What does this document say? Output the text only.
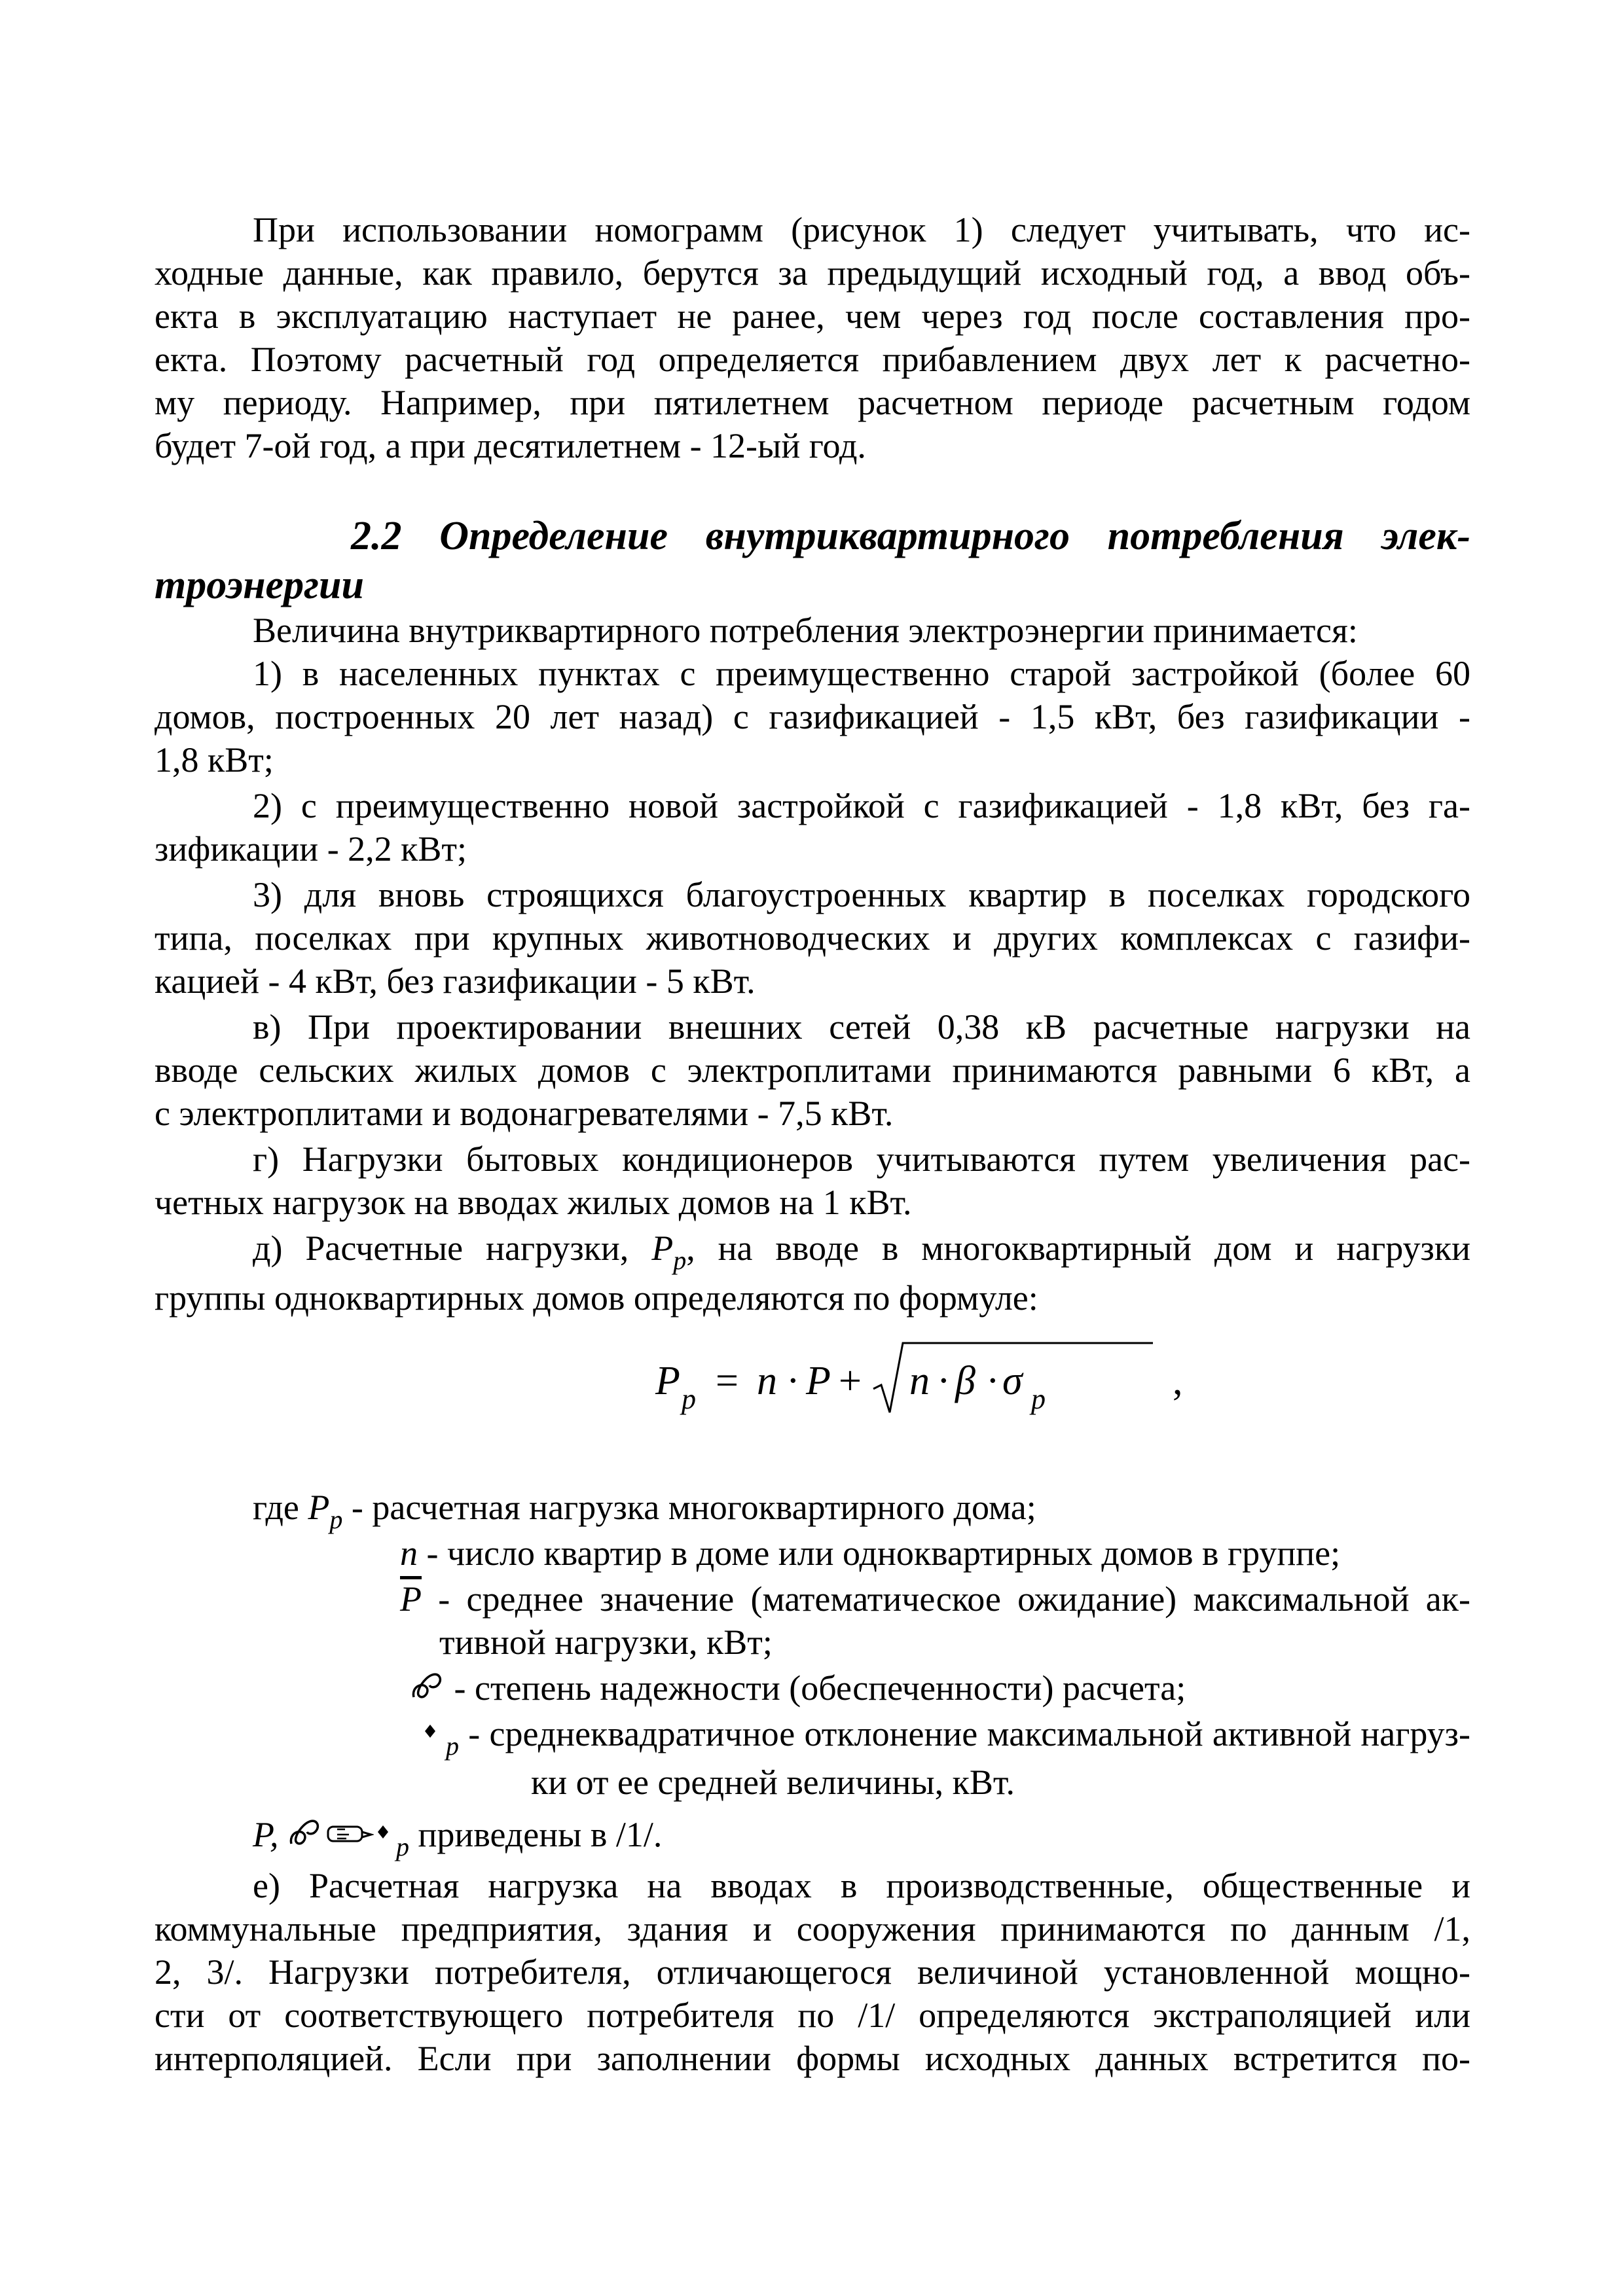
При использовании номограмм (рисунок 1) следует учитывать, что ис-
ходные данные, как правило, берутся за предыдущий исходный год, а ввод объ-
екта в эксплуатацию наступает не ранее, чем через год после составления про-
екта. Поэтому расчетный год определяется прибавлением двух лет к расчетно-
му периоду. Например, при пятилетнем расчетном периоде расчетным годом
будет 7-ой год, а при десятилетнем - 12-ый год.
2.2 Определение внутриквартирного потребления элек-
троэнергии
Величина внутриквартирного потребления электроэнергии принимается:
1) в населенных пунктах с преимущественно старой застройкой (более 60
домов, построенных 20 лет назад) с газификацией - 1,5 кВт, без газификации -
1,8 кВт;
2) с преимущественно новой застройкой с газификацией - 1,8 кВт, без га-
зификации - 2,2 кВт;
3) для вновь строящихся благоустроенных квартир в поселках городского
типа, поселках при крупных животноводческих и других комплексах с газифи-
кацией - 4 кВт, без газификации - 5 кВт.
в) При проектировании внешних сетей 0,38 кВ расчетные нагрузки на
вводе сельских жилых домов с электроплитами принимаются равными 6 кВт, а
с электроплитами и водонагревателями - 7,5 кВт.
г) Нагрузки бытовых кондиционеров учитываются путем увеличения рас-
четных нагрузок на вводах жилых домов на 1 кВт.
д) Расчетные нагрузки, $P_p$, на вводе в многоквартирный дом и нагрузки
группы одноквартирных домов определяются по формуле:
P p = n · P + n · β · σ p	,
где $P_p$ - расчетная нагрузка многоквартирного дома;
n - число квартир в доме или одноквартирных домов в группе;
$\overline{P}$ - среднее значение (математическое ожидание) максимальной ак-
тивной нагрузки, кВт;
- степень надежности (обеспеченности) расчета;
$_p$ - среднеквадратичное отклонение максимальной активной нагруз-
ки от ее средней величины, кВт.
P,	$_p$ приведены в /1/.
е) Расчетная нагрузка на вводах в производственные, общественные и
коммунальные предприятия, здания и сооружения принимаются по данным /1,
2, 3/. Нагрузки потребителя, отличающегося величиной установленной мощно-
сти от соответствующего потребителя по /1/ определяются экстраполяцией или
интерполяцией. Если при заполнении формы исходных данных встретится по-
